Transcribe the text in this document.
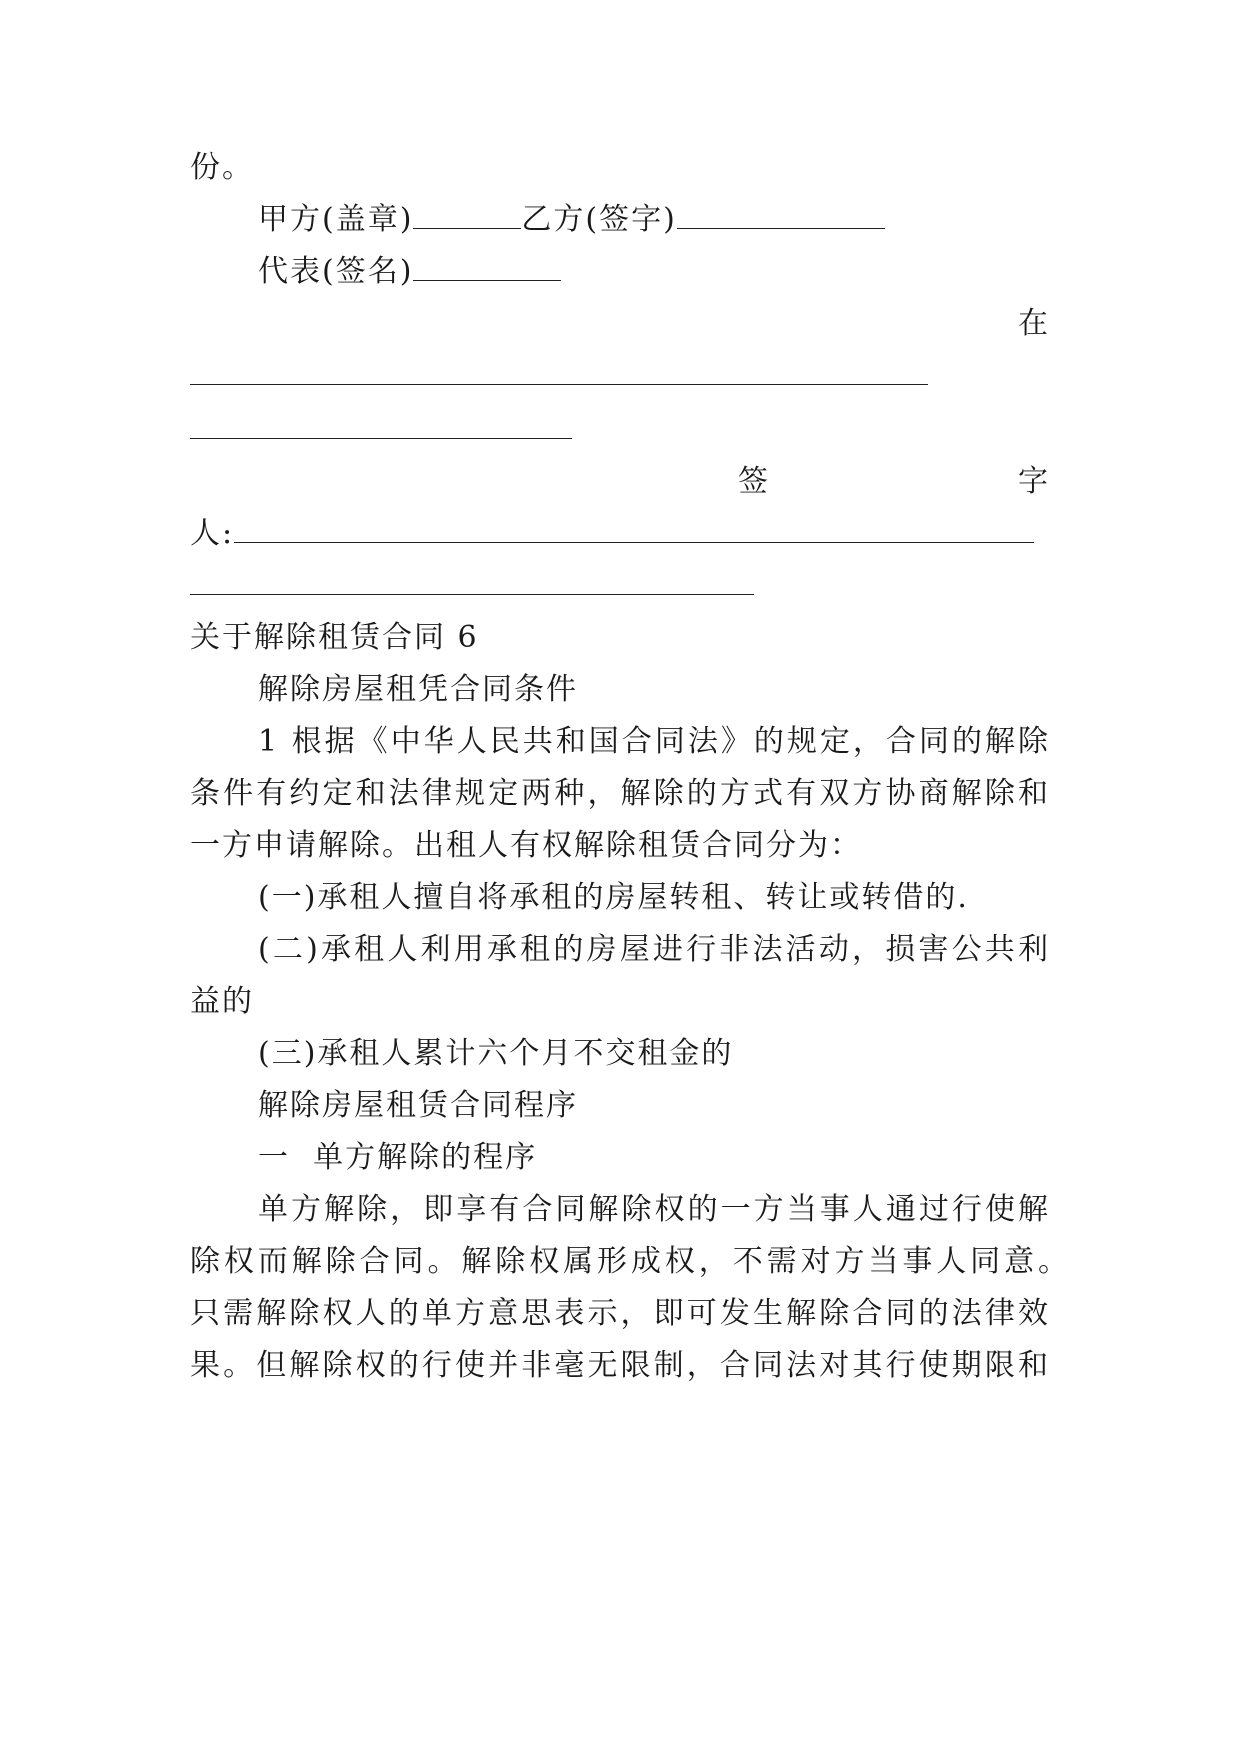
份。
甲方(盖章)	乙方(签字)
代表(签名)
在
签	字
人:
关于解除租赁合同 6
解除房屋租凭合同条件
1 根据《中华人民共和国合同法》的规定，合同的解除
条件有约定和法律规定两种，解除的方式有双方协商解除和
一方申请解除。出租人有权解除租赁合同分为：
(一)承租人擅自将承租的房屋转租、转让或转借的.
(二)承租人利用承租的房屋进行非法活动，损害公共利
益的
(三)承租人累计六个月不交租金的
解除房屋租赁合同程序
一  单方解除的程序
单方解除，即享有合同解除权的一方当事人通过行使解
除权而解除合同。解除权属形成权，不需对方当事人同意。
只需解除权人的单方意思表示，即可发生解除合同的法律效
果。但解除权的行使并非毫无限制，合同法对其行使期限和
